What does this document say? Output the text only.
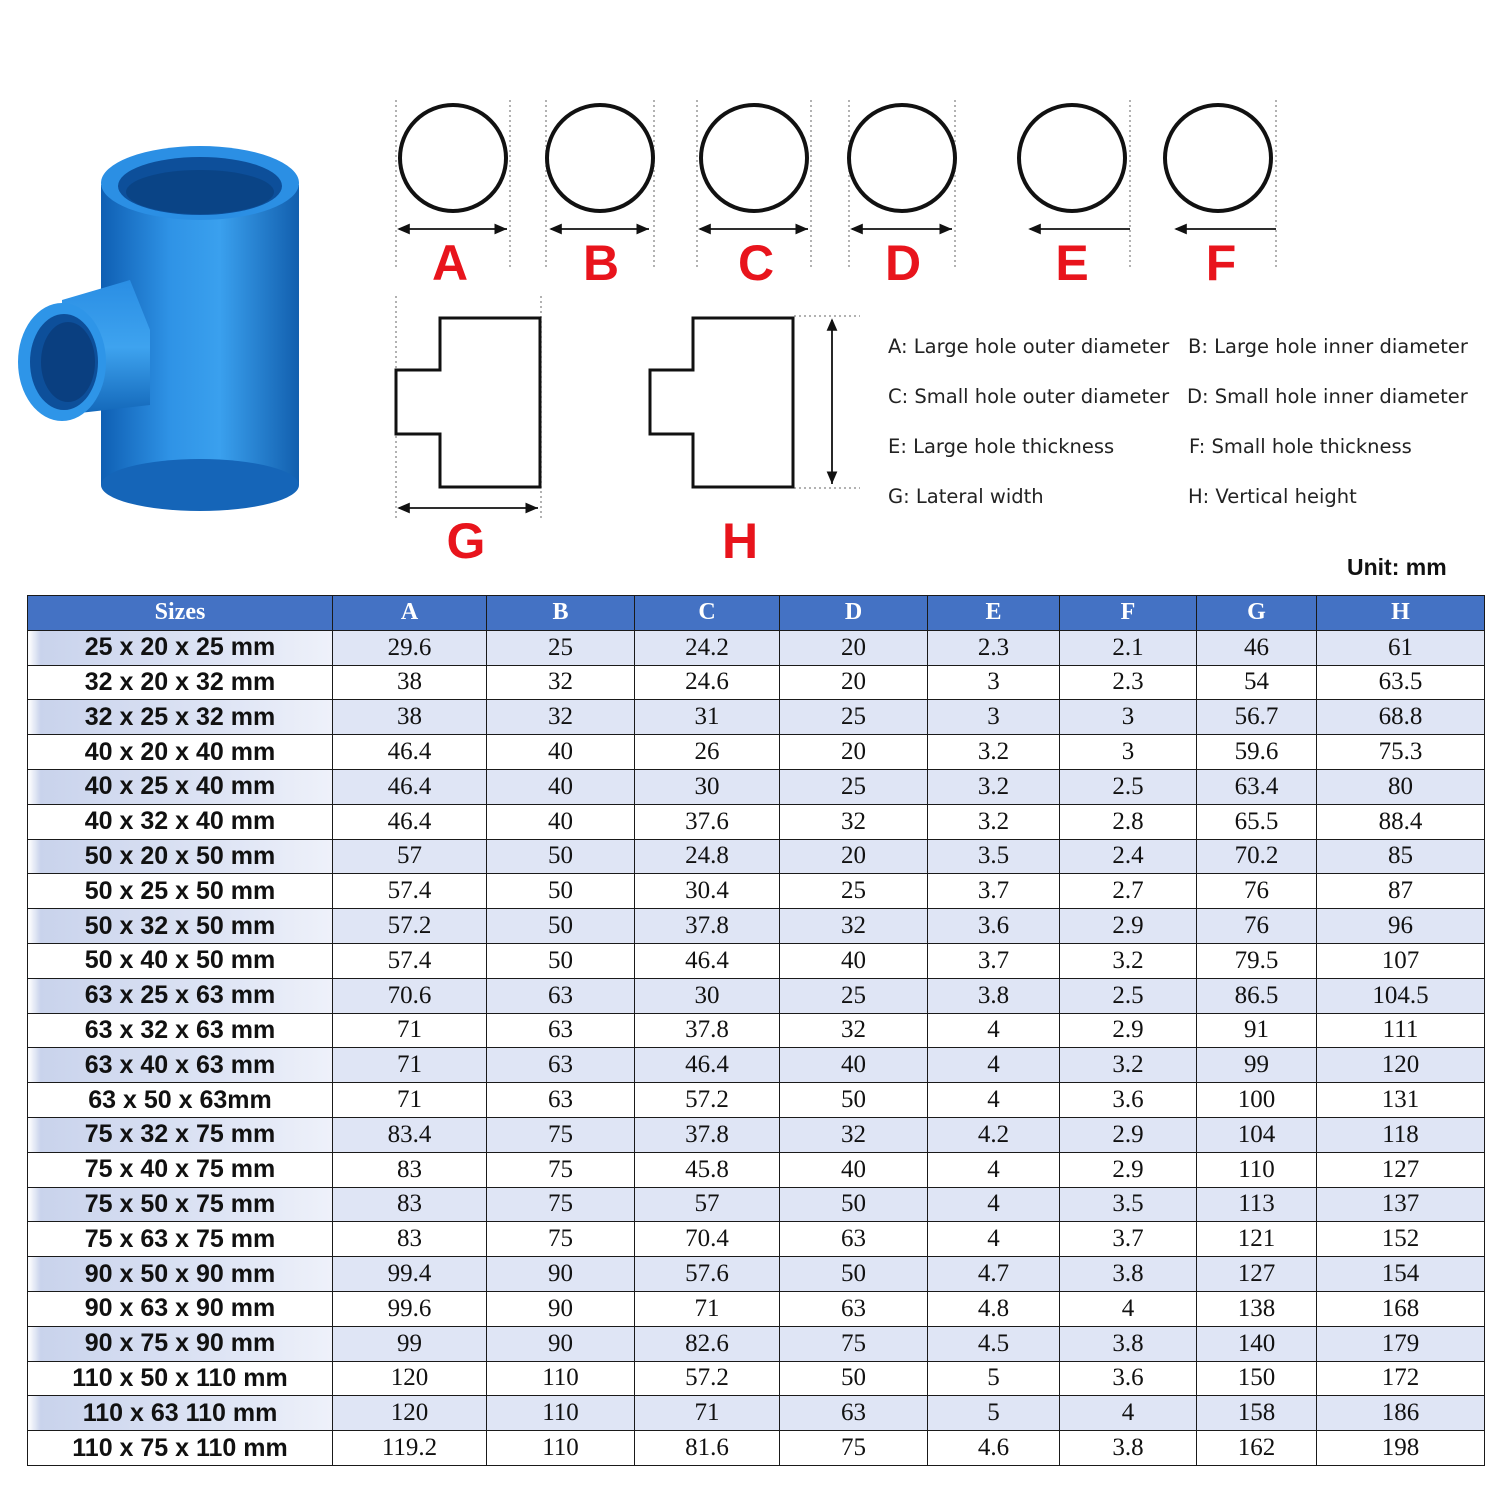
A B C D	E F
G	H
A: Large hole outer diameter B: Large hole inner diameter
C: Small hole outer diameter D: Small hole inner diameter
E: Large hole thickness	F: Small hole thickness
G: Lateral width	H: Vertical height
Unit: mm
Sizes	A	B	C	D	E	F	G	H
25 x 20 x 25 mm	29.6	25	24.2	20	2.3	2.1	46	61
32 x 20 x 32 mm	38	32	24.6	20	3	2.3	54	63.5
32 x 25 x 32 mm	38	32	31	25	3	3	56.7	68.8
40 x 20 x 40 mm	46.4	40	26	20	3.2	3	59.6	75.3
40 x 25 x 40 mm	46.4	40	30	25	3.2	2.5	63.4	80
40 x 32 x 40 mm	46.4	40	37.6	32	3.2	2.8	65.5	88.4
50 x 20 x 50 mm	57	50	24.8	20	3.5	2.4	70.2	85
50 x 25 x 50 mm	57.4	50	30.4	25	3.7	2.7	76	87
50 x 32 x 50 mm	57.2	50	37.8	32	3.6	2.9	76	96
50 x 40 x 50 mm	57.4	50	46.4	40	3.7	3.2	79.5	107
63 x 25 x 63 mm	70.6	63	30	25	3.8	2.5	86.5	104.5
63 x 32 x 63 mm	71	63	37.8	32	4	2.9	91	111
63 x 40 x 63 mm	71	63	46.4	40	4	3.2	99	120
63 x 50 x 63mm	71	63	57.2	50	4	3.6	100	131
75 x 32 x 75 mm	83.4	75	37.8	32	4.2	2.9	104	118
75 x 40 x 75 mm	83	75	45.8	40	4	2.9	110	127
75 x 50 x 75 mm	83	75	57	50	4	3.5	113	137
75 x 63 x 75 mm	83	75	70.4	63	4	3.7	121	152
90 x 50 x 90 mm	99.4	90	57.6	50	4.7	3.8	127	154
90 x 63 x 90 mm	99.6	90	71	63	4.8	4	138	168
90 x 75 x 90 mm	99	90	82.6	75	4.5	3.8	140	179
110 x 50 x 110 mm	120	110	57.2	50	5	3.6	150	172
110 x 63 110 mm	120	110	71	63	5	4	158	186
110 x 75 x 110 mm	119.2	110	81.6	75	4.6	3.8	162	198
